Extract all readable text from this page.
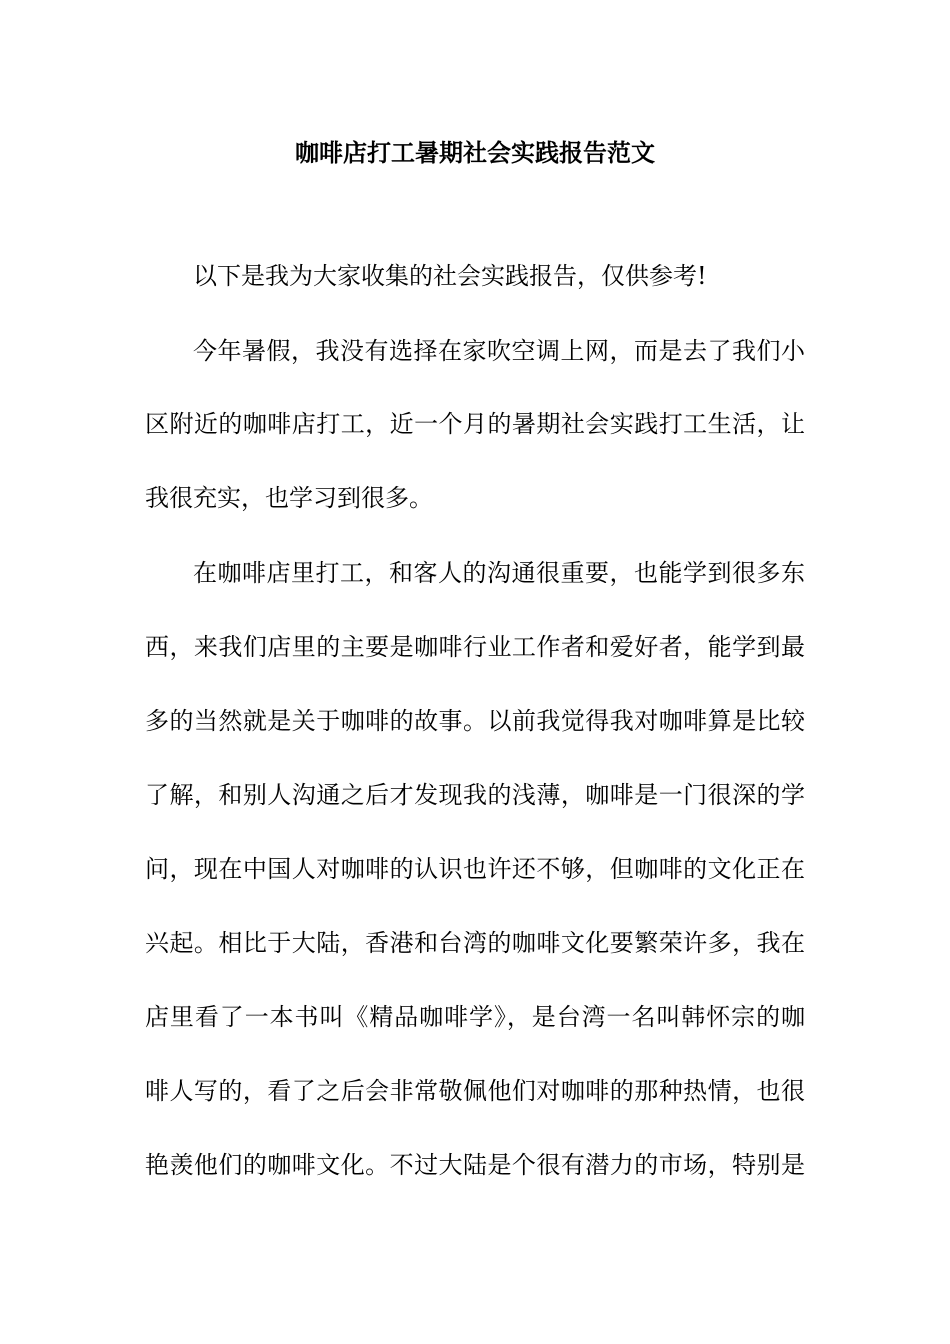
咖啡店打工暑期社会实践报告范文
以下是我为大家收集的社会实践报告，仅供参考!
今年暑假，我没有选择在家吹空调上网，而是去了我们小
区附近的咖啡店打工，近一个月的暑期社会实践打工生活，让
我很充实，也学习到很多。
在咖啡店里打工，和客人的沟通很重要，也能学到很多东
西，来我们店里的主要是咖啡行业工作者和爱好者，能学到最
多的当然就是关于咖啡的故事。以前我觉得我对咖啡算是比较
了解，和别人沟通之后才发现我的浅薄，咖啡是一门很深的学
问，现在中国人对咖啡的认识也许还不够，但咖啡的文化正在
兴起。相比于大陆，香港和台湾的咖啡文化要繁荣许多，我在
店里看了一本书叫《精品咖啡学》，是台湾一名叫韩怀宗的咖
啡人写的，看了之后会非常敬佩他们对咖啡的那种热情，也很
艳羡他们的咖啡文化。不过大陆是个很有潜力的市场，特别是
